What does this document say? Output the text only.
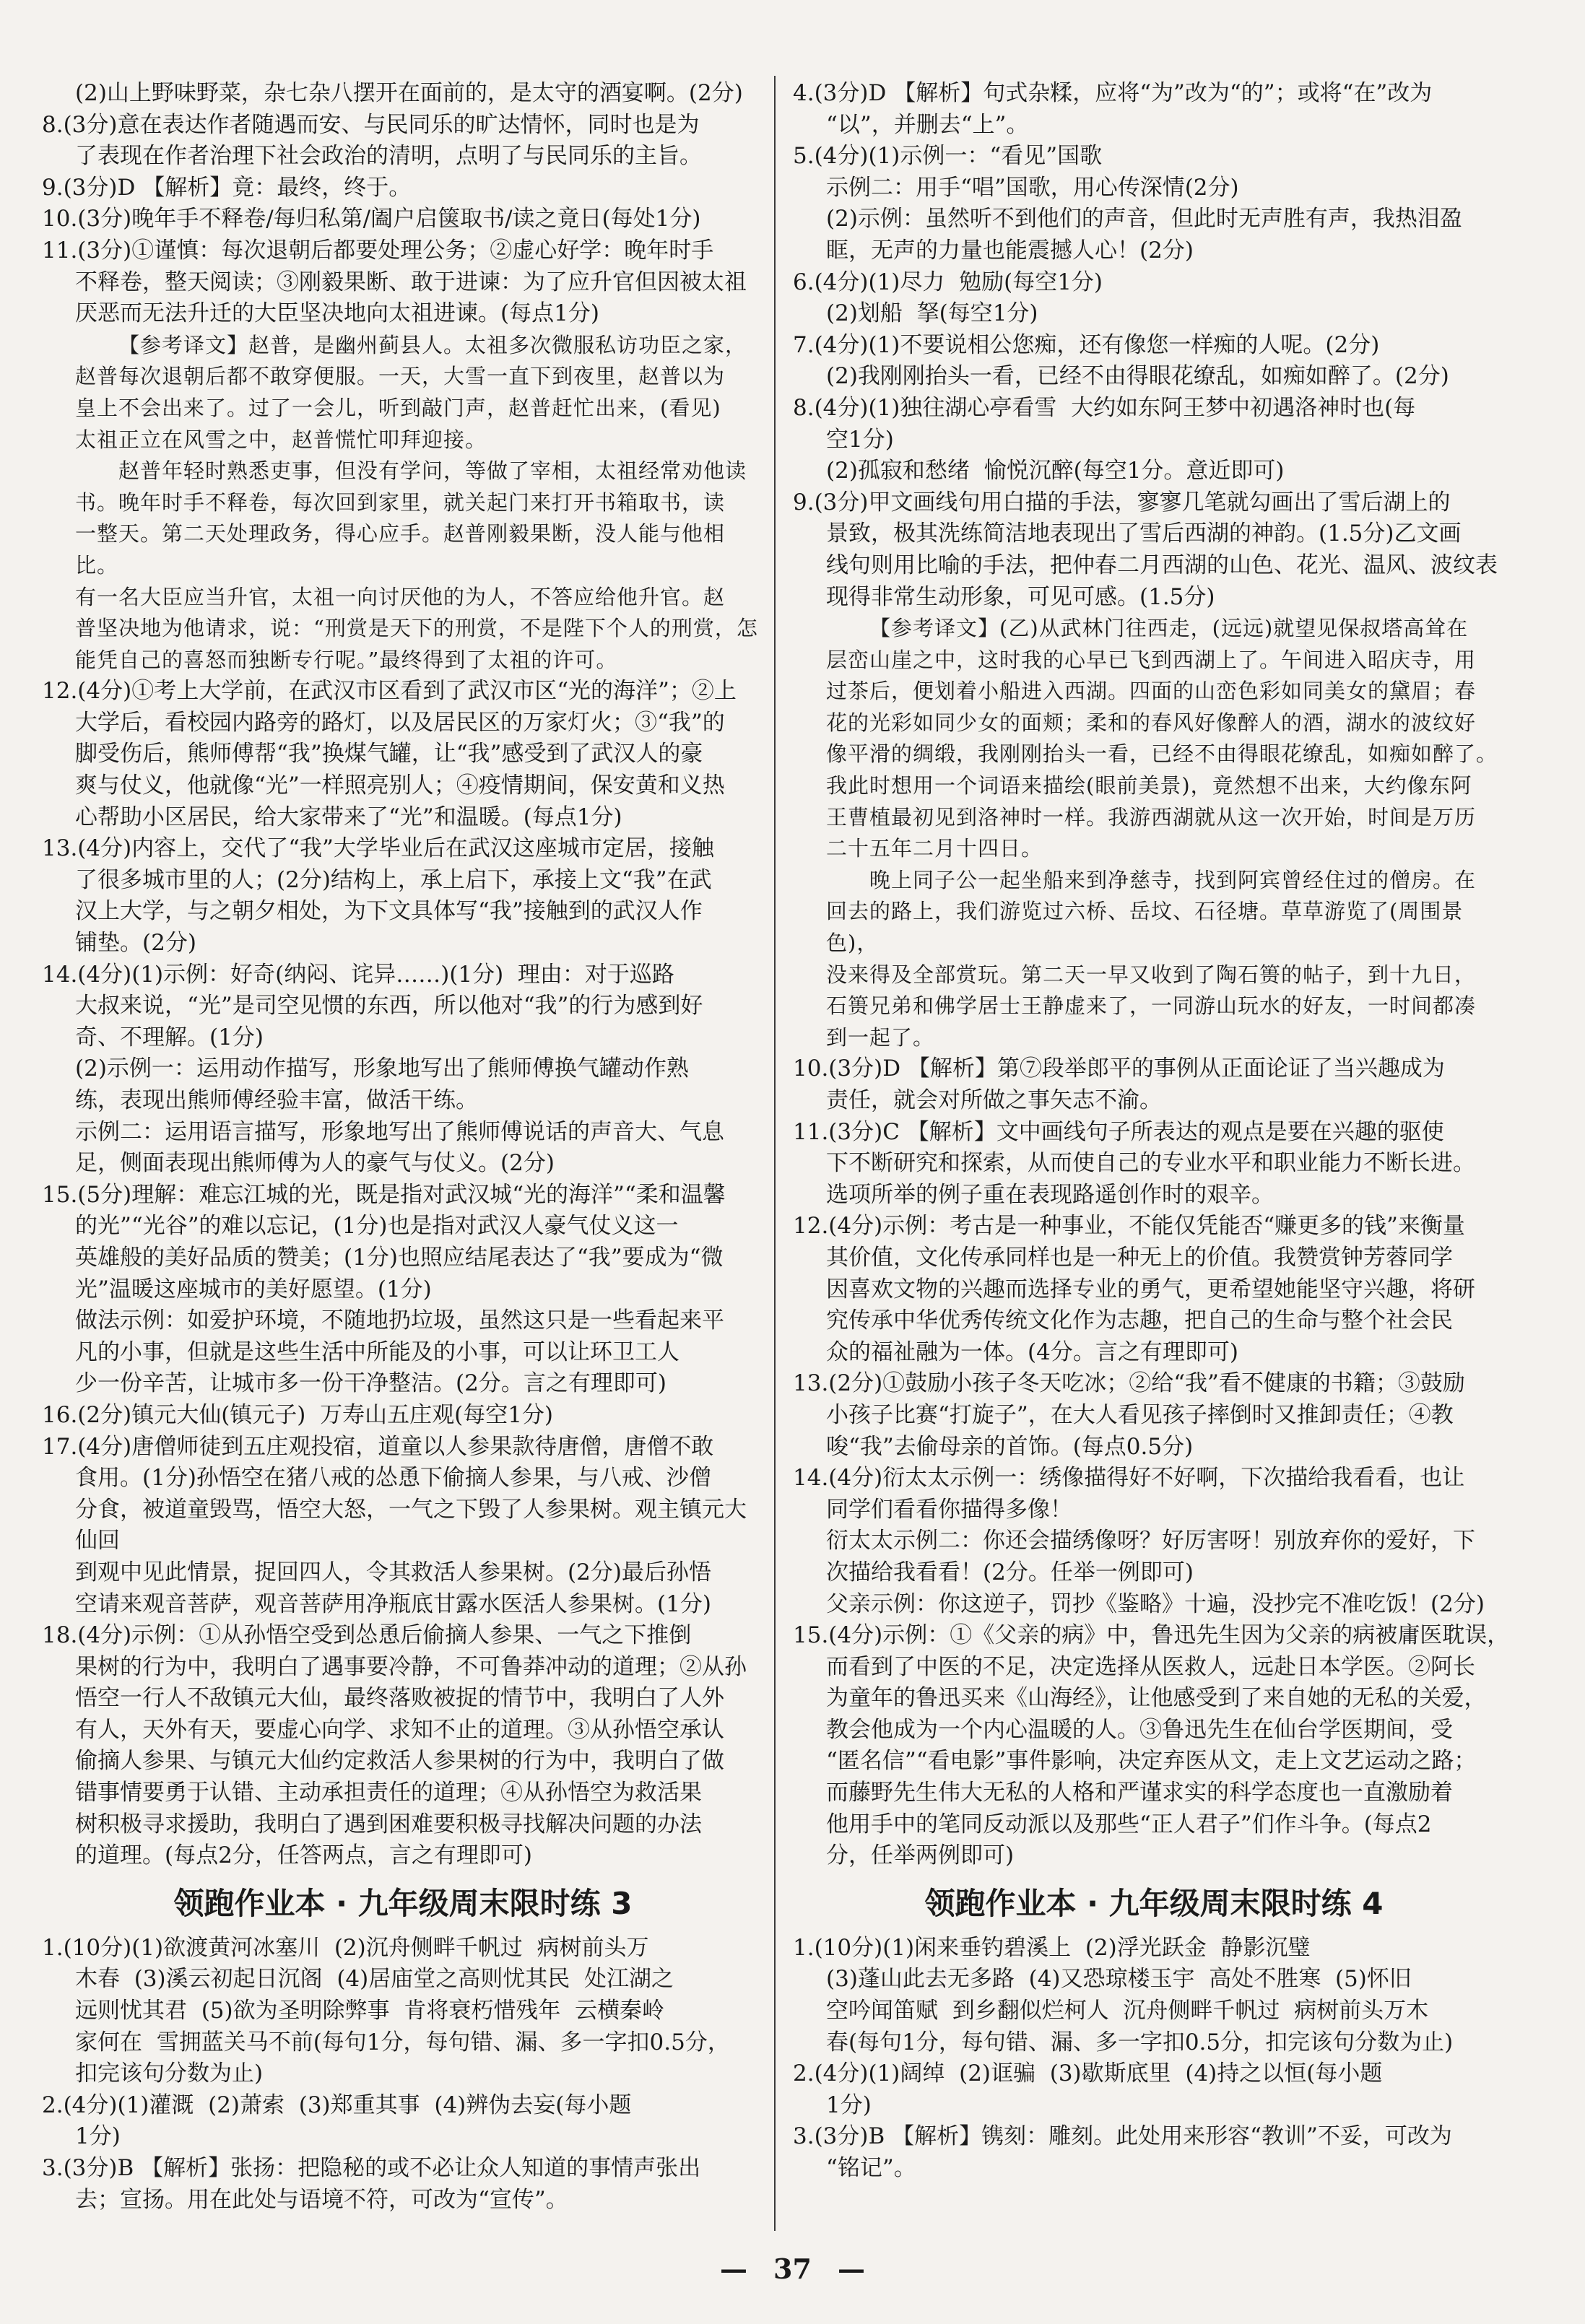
(2)山上野味野菜，杂七杂八摆开在面前的，是太守的酒宴啊。(2分)

8.(3分)意在表达作者随遇而安、与民同乐的旷达情怀，同时也是为

了表现在作者治理下社会政治的清明，点明了与民同乐的主旨。

9.(3分)D 【解析】竟：最终，终于。

10.(3分)晚年手不释卷/每归私第/阖户启箧取书/读之竟日(每处1分)

11.(3分)①谨慎：每次退朝后都要处理公务；②虚心好学：晚年时手

不释卷，整天阅读；③刚毅果断、敢于进谏：为了应升官但因被太祖

厌恶而无法升迁的大臣坚决地向太祖进谏。(每点1分)

【参考译文】赵普，是幽州蓟县人。太祖多次微服私访功臣之家，

赵普每次退朝后都不敢穿便服。一天，大雪一直下到夜里，赵普以为

皇上不会出来了。过了一会儿，听到敲门声，赵普赶忙出来，(看见)

太祖正立在风雪之中，赵普慌忙叩拜迎接。

赵普年轻时熟悉吏事，但没有学问，等做了宰相，太祖经常劝他读

书。晚年时手不释卷，每次回到家里，就关起门来打开书箱取书，读

一整天。第二天处理政务，得心应手。赵普刚毅果断，没人能与他相比。

有一名大臣应当升官，太祖一向讨厌他的为人，不答应给他升官。赵

普坚决地为他请求，说：“刑赏是天下的刑赏，不是陛下个人的刑赏，怎

能凭自己的喜怒而独断专行呢。”最终得到了太祖的许可。

12.(4分)①考上大学前，在武汉市区看到了武汉市区“光的海洋”；②上

大学后，看校园内路旁的路灯，以及居民区的万家灯火；③“我”的

脚受伤后，熊师傅帮“我”换煤气罐，让“我”感受到了武汉人的豪

爽与仗义，他就像“光”一样照亮别人；④疫情期间，保安黄和义热

心帮助小区居民，给大家带来了“光”和温暖。(每点1分)

13.(4分)内容上，交代了“我”大学毕业后在武汉这座城市定居，接触

了很多城市里的人；(2分)结构上，承上启下，承接上文“我”在武

汉上大学，与之朝夕相处，为下文具体写“我”接触到的武汉人作

铺垫。(2分)

14.(4分)(1)示例：好奇(纳闷、诧异……)(1分)  理由：对于巡路

大叔来说，“光”是司空见惯的东西，所以他对“我”的行为感到好

奇、不理解。(1分)

(2)示例一：运用动作描写，形象地写出了熊师傅换气罐动作熟

练，表现出熊师傅经验丰富，做活干练。

示例二：运用语言描写，形象地写出了熊师傅说话的声音大、气息

足，侧面表现出熊师傅为人的豪气与仗义。(2分)

15.(5分)理解：难忘江城的光，既是指对武汉城“光的海洋”“柔和温馨

的光”“光谷”的难以忘记，(1分)也是指对武汉人豪气仗义这一

英雄般的美好品质的赞美；(1分)也照应结尾表达了“我”要成为“微

光”温暖这座城市的美好愿望。(1分)

做法示例：如爱护环境，不随地扔垃圾，虽然这只是一些看起来平

凡的小事，但就是这些生活中所能及的小事，可以让环卫工人

少一份辛苦，让城市多一份干净整洁。(2分。言之有理即可)

16.(2分)镇元大仙(镇元子)  万寿山五庄观(每空1分)

17.(4分)唐僧师徒到五庄观投宿，道童以人参果款待唐僧，唐僧不敢

食用。(1分)孙悟空在猪八戒的怂恿下偷摘人参果，与八戒、沙僧

分食，被道童毁骂，悟空大怒，一气之下毁了人参果树。观主镇元大仙回

到观中见此情景，捉回四人，令其救活人参果树。(2分)最后孙悟

空请来观音菩萨，观音菩萨用净瓶底甘露水医活人参果树。(1分)

18.(4分)示例：①从孙悟空受到怂恿后偷摘人参果、一气之下推倒

果树的行为中，我明白了遇事要冷静，不可鲁莽冲动的道理；②从孙

悟空一行人不敌镇元大仙，最终落败被捉的情节中，我明白了人外

有人，天外有天，要虚心向学、求知不止的道理。③从孙悟空承认

偷摘人参果、与镇元大仙约定救活人参果树的行为中，我明白了做

错事情要勇于认错、主动承担责任的道理；④从孙悟空为救活果

树积极寻求援助，我明白了遇到困难要积极寻找解决问题的办法

的道理。(每点2分，任答两点，言之有理即可)

领跑作业本 · 九年级周末限时练 3

1.(10分)(1)欲渡黄河冰塞川  (2)沉舟侧畔千帆过  病树前头万

木春  (3)溪云初起日沉阁  (4)居庙堂之高则忧其民  处江湖之

远则忧其君  (5)欲为圣明除弊事  肯将衰朽惜残年  云横秦岭

家何在  雪拥蓝关马不前(每句1分，每句错、漏、多一字扣0.5分，

扣完该句分数为止)

2.(4分)(1)灌溉  (2)萧索  (3)郑重其事  (4)辨伪去妄(每小题

1分)

3.(3分)B 【解析】张扬：把隐秘的或不必让众人知道的事情声张出

去；宣扬。用在此处与语境不符，可改为“宣传”。

4.(3分)D 【解析】句式杂糅，应将“为”改为“的”；或将“在”改为

“以”，并删去“上”。

5.(4分)(1)示例一：“看见”国歌

示例二：用手“唱”国歌，用心传深情(2分)

(2)示例：虽然听不到他们的声音，但此时无声胜有声，我热泪盈

眶，无声的力量也能震撼人心！(2分)

6.(4分)(1)尽力  勉励(每空1分)

(2)划船  拏(每空1分)

7.(4分)(1)不要说相公您痴，还有像您一样痴的人呢。(2分)

(2)我刚刚抬头一看，已经不由得眼花缭乱，如痴如醉了。(2分)

8.(4分)(1)独往湖心亭看雪  大约如东阿王梦中初遇洛神时也(每

空1分)

(2)孤寂和愁绪  愉悦沉醉(每空1分。意近即可)

9.(3分)甲文画线句用白描的手法，寥寥几笔就勾画出了雪后湖上的

景致，极其洗练简洁地表现出了雪后西湖的神韵。(1.5分)乙文画

线句则用比喻的手法，把仲春二月西湖的山色、花光、温风、波纹表

现得非常生动形象，可见可感。(1.5分)

【参考译文】(乙)从武林门往西走，(远远)就望见保叔塔高耸在

层峦山崖之中，这时我的心早已飞到西湖上了。午间进入昭庆寺，用

过茶后，便划着小船进入西湖。四面的山峦色彩如同美女的黛眉；春

花的光彩如同少女的面颊；柔和的春风好像醉人的酒，湖水的波纹好

像平滑的绸缎，我刚刚抬头一看，已经不由得眼花缭乱，如痴如醉了。

我此时想用一个词语来描绘(眼前美景)，竟然想不出来，大约像东阿

王曹植最初见到洛神时一样。我游西湖就从这一次开始，时间是万历

二十五年二月十四日。

晚上同子公一起坐船来到净慈寺，找到阿宾曾经住过的僧房。在

回去的路上，我们游览过六桥、岳坟、石径塘。草草游览了(周围景色)，

没来得及全部赏玩。第二天一早又收到了陶石篑的帖子，到十九日，

石篑兄弟和佛学居士王静虚来了，一同游山玩水的好友，一时间都凑

到一起了。

10.(3分)D 【解析】第⑦段举郎平的事例从正面论证了当兴趣成为

责任，就会对所做之事矢志不渝。

11.(3分)C 【解析】文中画线句子所表达的观点是要在兴趣的驱使

下不断研究和探索，从而使自己的专业水平和职业能力不断长进。

选项所举的例子重在表现路遥创作时的艰辛。

12.(4分)示例：考古是一种事业，不能仅凭能否“赚更多的钱”来衡量

其价值，文化传承同样也是一种无上的价值。我赞赏钟芳蓉同学

因喜欢文物的兴趣而选择专业的勇气，更希望她能坚守兴趣，将研

究传承中华优秀传统文化作为志趣，把自己的生命与整个社会民

众的福祉融为一体。(4分。言之有理即可)

13.(2分)①鼓励小孩子冬天吃冰；②给“我”看不健康的书籍；③鼓励

小孩子比赛“打旋子”，在大人看见孩子摔倒时又推卸责任；④教

唆“我”去偷母亲的首饰。(每点0.5分)

14.(4分)衍太太示例一：绣像描得好不好啊，下次描给我看看，也让

同学们看看你描得多像！

衍太太示例二：你还会描绣像呀？好厉害呀！别放弃你的爱好，下

次描给我看看！(2分。任举一例即可)

父亲示例：你这逆子，罚抄《鉴略》十遍，没抄完不准吃饭！(2分)

15.(4分)示例：①《父亲的病》中，鲁迅先生因为父亲的病被庸医耽误，

而看到了中医的不足，决定选择从医救人，远赴日本学医。②阿长

为童年的鲁迅买来《山海经》，让他感受到了来自她的无私的关爱，

教会他成为一个内心温暖的人。③鲁迅先生在仙台学医期间，受

“匿名信”“看电影”事件影响，决定弃医从文，走上文艺运动之路；

而藤野先生伟大无私的人格和严谨求实的科学态度也一直激励着

他用手中的笔同反动派以及那些“正人君子”们作斗争。(每点2

分，任举两例即可)

领跑作业本 · 九年级周末限时练 4

1.(10分)(1)闲来垂钓碧溪上  (2)浮光跃金  静影沉璧

(3)蓬山此去无多路  (4)又恐琼楼玉宇  高处不胜寒  (5)怀旧

空吟闻笛赋  到乡翻似烂柯人  沉舟侧畔千帆过  病树前头万木

春(每句1分，每句错、漏、多一字扣0.5分，扣完该句分数为止)

2.(4分)(1)阔绰  (2)诓骗  (3)歇斯底里  (4)持之以恒(每小题

1分)

3.(3分)B 【解析】镌刻：雕刻。此处用来形容“教训”不妥，可改为

“铭记”。

— 37 —
